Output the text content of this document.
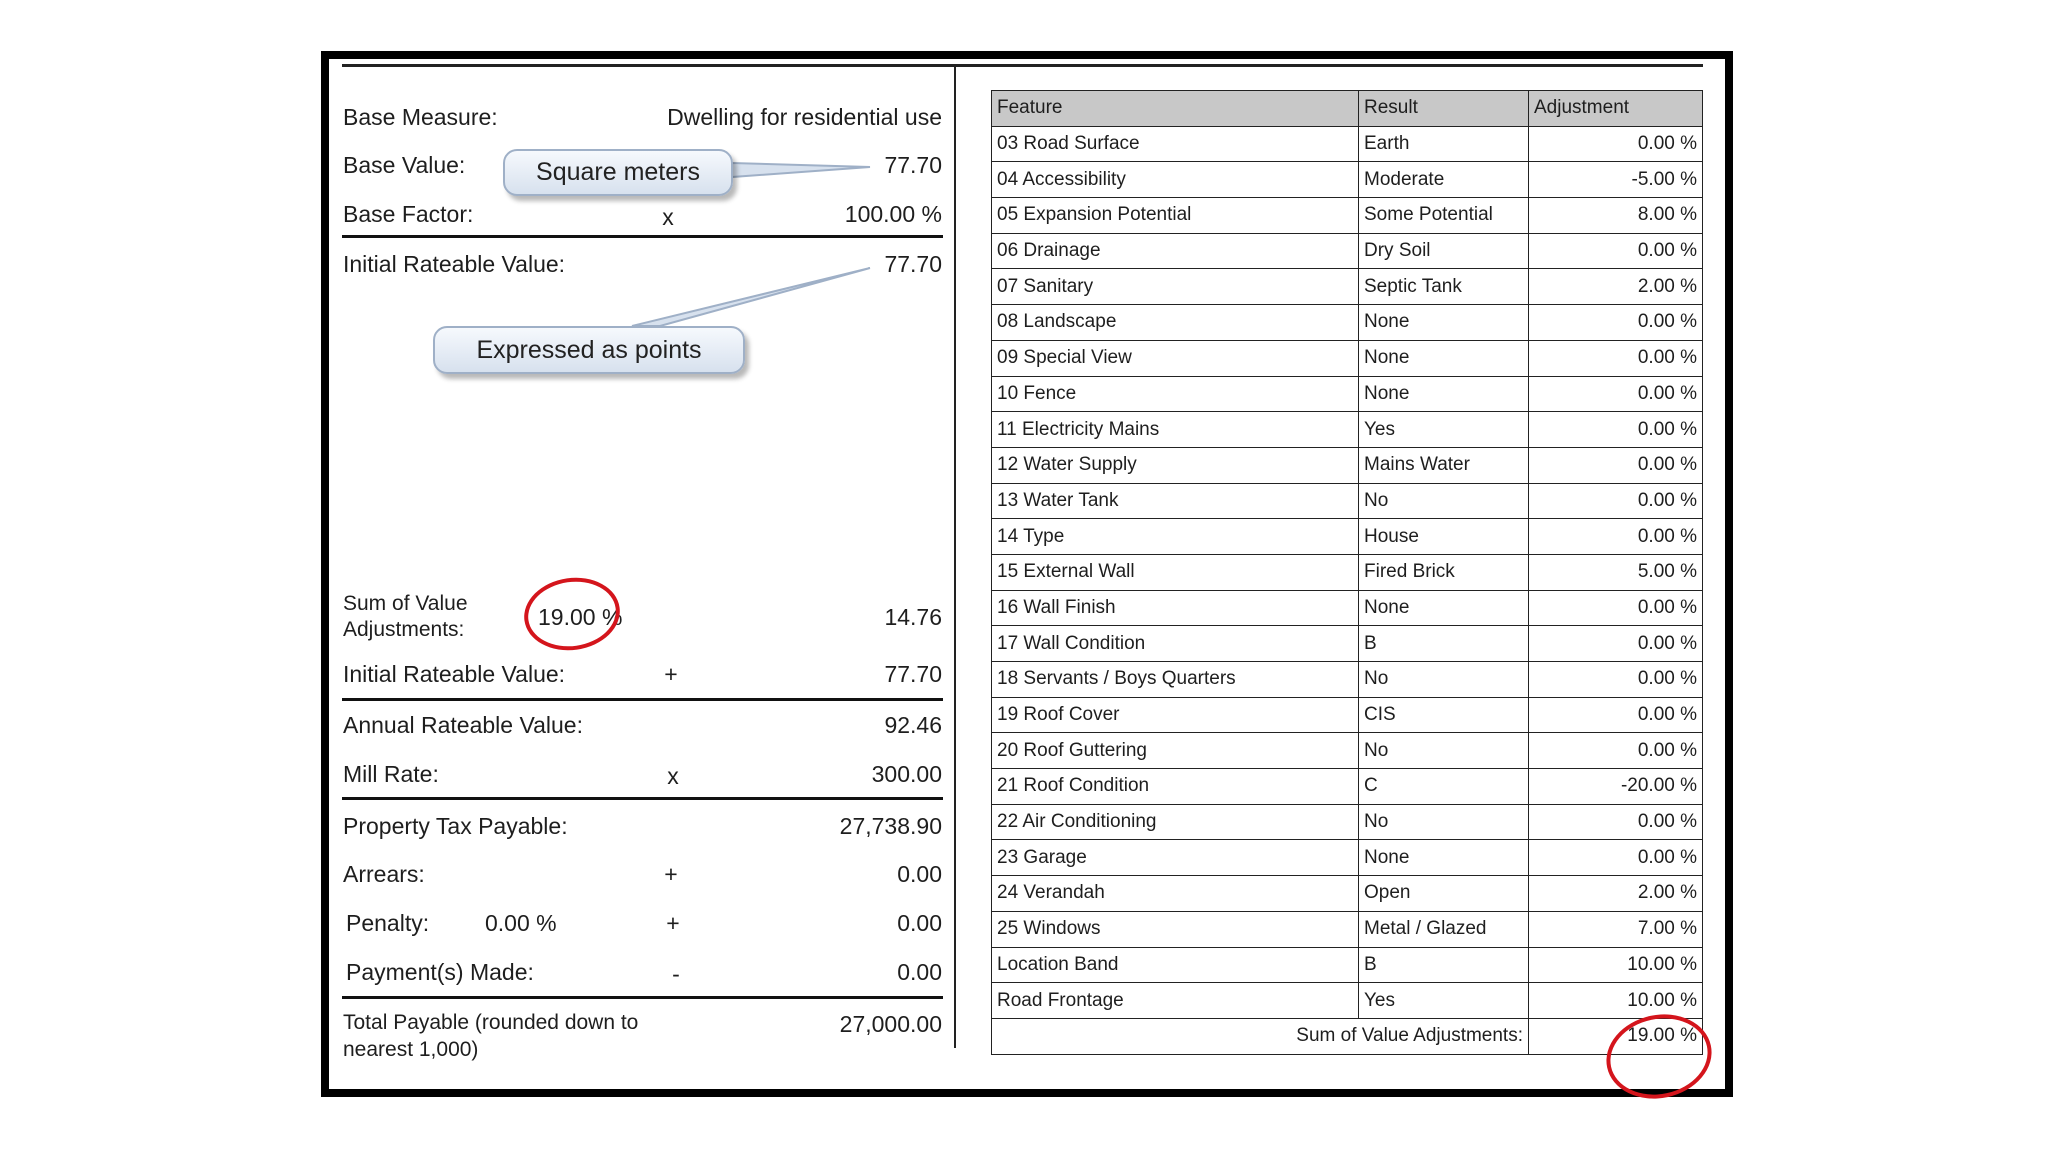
Base Measure:	Dwelling for residential use
Base Value:	77.70
Base Factor:	x	100.00 %
Initial Rateable Value:	77.70
Sum of Value
Adjustments:	19.00 %	14.76
Initial Rateable Value:	+	77.70
Annual Rateable Value:	92.46
Mill Rate:	x	300.00
Property Tax Payable:	27,738.90
Arrears:	+	0.00
Penalty: 0.00 %	+	0.00
Payment(s) Made:	-	0.00
Total Payable (rounded down to
nearest 1,000)
27,000.00
Square meters
Expressed as points
Feature	Result	Adjustment
03 Road Surface	Earth	0.00 %
04 Accessibility	Moderate	-5.00 %
05 Expansion Potential	Some Potential	8.00 %
06 Drainage	Dry Soil	0.00 %
07 Sanitary	Septic Tank	2.00 %
08 Landscape	None	0.00 %
09 Special View	None	0.00 %
10 Fence	None	0.00 %
11 Electricity Mains	Yes	0.00 %
12 Water Supply	Mains Water	0.00 %
13 Water Tank	No	0.00 %
14 Type	House	0.00 %
15 External Wall	Fired Brick	5.00 %
16 Wall Finish	None	0.00 %
17 Wall Condition	B	0.00 %
18 Servants / Boys Quarters	No	0.00 %
19 Roof Cover	CIS	0.00 %
20 Roof Guttering	No	0.00 %
21 Roof Condition	C	-20.00 %
22 Air Conditioning	No	0.00 %
23 Garage	None	0.00 %
24 Verandah	Open	2.00 %
25 Windows	Metal / Glazed	7.00 %
Location Band	B	10.00 %
Road Frontage	Yes	10.00 %
Sum of Value Adjustments:		19.00 %
